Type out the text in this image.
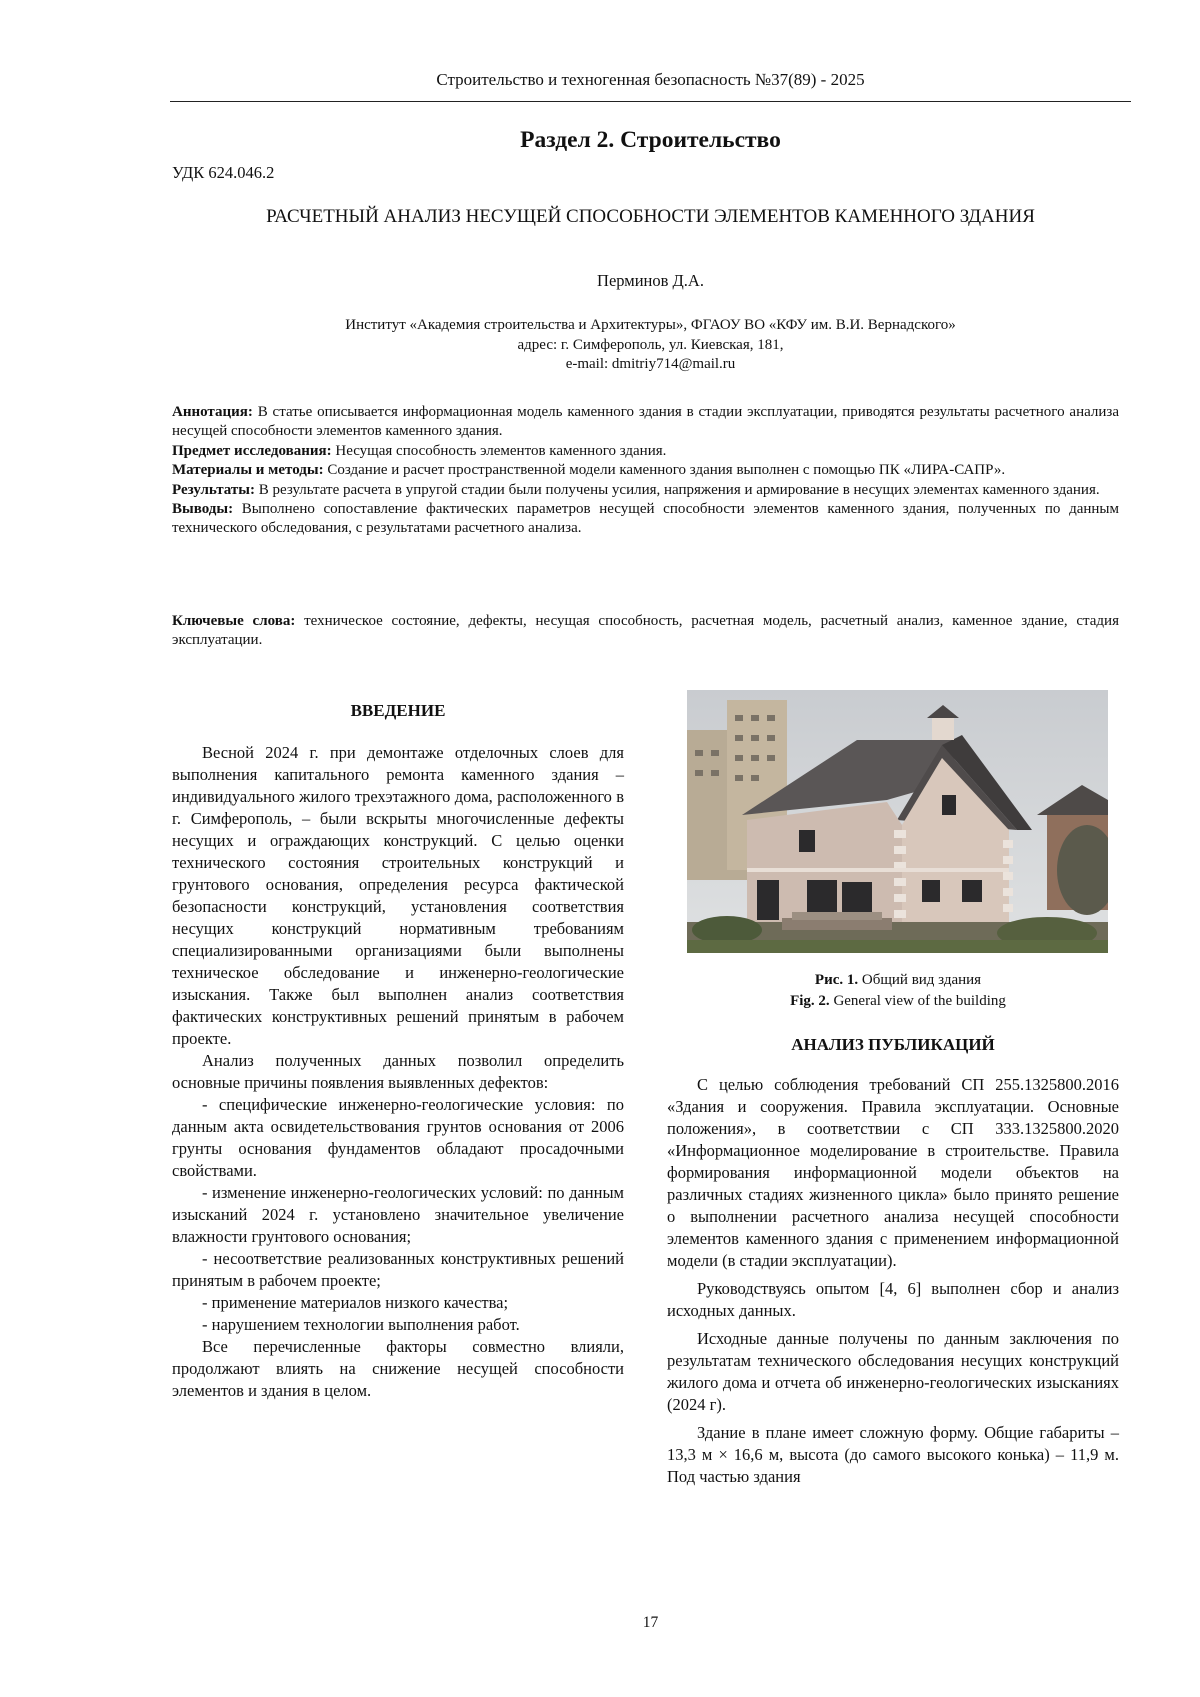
Строительство и техногенная безопасность №37(89) - 2025
Раздел 2. Строительство
УДК 624.046.2
РАСЧЕТНЫЙ АНАЛИЗ НЕСУЩЕЙ СПОСОБНОСТИ ЭЛЕМЕНТОВ КАМЕННОГО ЗДАНИЯ
Перминов Д.А.
Институт «Академия строительства и Архитектуры», ФГАОУ ВО «КФУ им. В.И. Вернадского»
адрес: г. Симферополь, ул. Киевская, 181,
e-mail: dmitriy714@mail.ru

Аннотация: В статье описывается информационная модель каменного здания в стадии эксплуатации, приводятся результаты расчетного анализа несущей способности элементов каменного здания.

Предмет исследования: Несущая способность элементов каменного здания.

Материалы и методы: Создание и расчет пространственной модели каменного здания выполнен с помощью ПК «ЛИРА-САПР».

Результаты: В результате расчета в упругой стадии были получены усилия, напряжения и армирование в несущих элементах каменного здания.

Выводы: Выполнено сопоставление фактических параметров несущей способности элементов каменного здания, полученных по данным технического обследования, с результатами расчетного анализа.

Ключевые слова: техническое состояние, дефекты, несущая способность, расчетная модель, расчетный анализ, каменное здание, стадия эксплуатации.

ВВЕДЕНИЕ

Весной 2024 г. при демонтаже отделочных слоев для выполнения капитального ремонта каменного здания – индивидуального жилого трехэтажного дома, расположенного в г. Симферополь, – были вскрыты многочисленные дефекты несущих и ограждающих конструкций. С целью оценки технического состояния строительных конструкций и грунтового основания, определения ресурса фактической безопасности конструкций, установления соответствия несущих конструкций нормативным требованиям специализированными организациями были выполнены техническое обследование и инженерно-геологические изыскания. Также был выполнен анализ соответствия фактических конструктивных решений принятым в рабочем проекте.

Анализ полученных данных позволил определить основные причины появления выявленных дефектов:

- специфические инженерно-геологические условия: по данным акта освидетельствования грунтов основания от 2006 грунты основания фундаментов обладают просадочными свойствами.

- изменение инженерно-геологических условий: по данным изысканий 2024 г. установлено значительное увеличение влажности грунтового основания;

- несоответствие реализованных конструктивных решений принятым в рабочем проекте;

- применение материалов низкого качества;

- нарушением технологии выполнения работ.

Все перечисленные факторы совместно влияли, продолжают влиять на снижение несущей способности элементов и здания в целом.

Рис. 1. Общий вид здания
Fig. 2. General view of the building
АНАЛИЗ ПУБЛИКАЦИЙ

С целью соблюдения требований СП 255.1325800.2016 «Здания и сооружения. Правила эксплуатации. Основные положения», в соответствии с СП 333.1325800.2020 «Информационное моделирование в строительстве. Правила формирования информационной модели объектов на различных стадиях жизненного цикла» было принято решение о выполнении расчетного анализа несущей способности элементов каменного здания с применением информационной модели (в стадии эксплуатации).

Руководствуясь опытом [4, 6] выполнен сбор и анализ исходных данных.

Исходные данные получены по данным заключения по результатам технического обследования несущих конструкций жилого дома и отчета об инженерно-геологических изысканиях (2024 г).

Здание в плане имеет сложную форму. Общие габариты – 13,3 м × 16,6 м, высота (до самого высокого конька) – 11,9 м. Под частью здания

17
